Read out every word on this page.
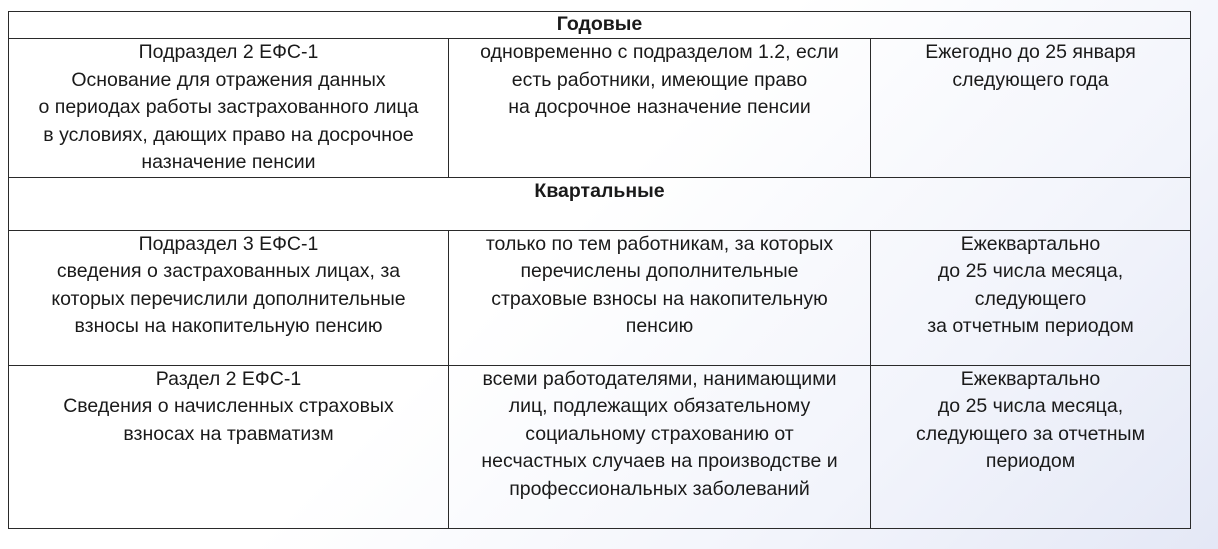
Годовые		

Подраздел 2 ЕФС-1
Основание для отражения данных
о периодах работы застрахованного лица
в условиях, дающих право на досрочное
назначение пенсии	одновременно с подразделом 1.2, если
есть работники, имеющие право
на досрочное назначение пенсии	Ежегодно до 25 января
следующего года

Квартальные		

Подраздел 3 ЕФС-1
сведения о застрахованных лицах, за
которых перечислили дополнительные
взносы на накопительную пенсию	только по тем работникам, за которых
перечислены дополнительные
страховые взносы на накопительную
пенсию	Ежеквартально
до 25 числа месяца,
следующего
за отчетным периодом

Раздел 2 ЕФС-1
Сведения о начисленных страховых
взносах на травматизм	всеми работодателями, нанимающими
лиц, подлежащих обязательному
социальному страхованию от
несчастных случаев на производстве и
профессиональных заболеваний	Ежеквартально
до 25 числа месяца,
следующего за отчетным
периодом
